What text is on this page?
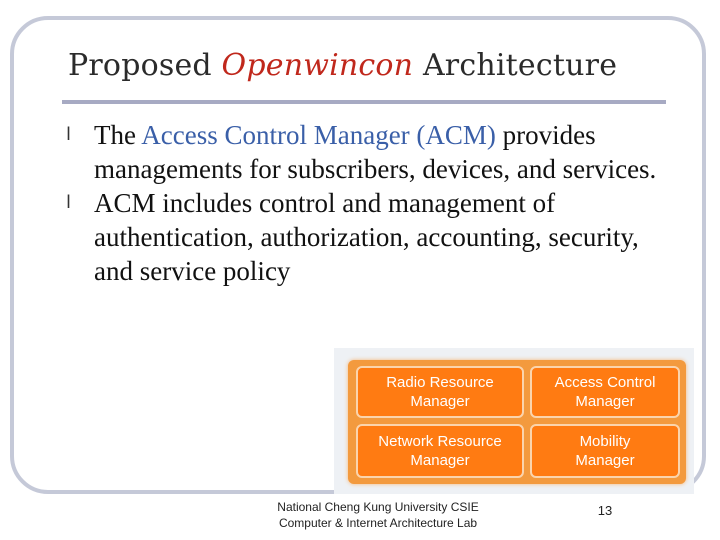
Proposed Openwincon Architecture
l The Access Control Manager (ACM) provides managements for subscribers, devices, and services.
l ACM includes control and management of authentication, authorization, accounting, security, and service policy
Radio Resource
Manager
Access Control
Manager
Network Resource
Manager
Mobility
Manager
National Cheng Kung University CSIE
Computer & Internet Architecture Lab
13
